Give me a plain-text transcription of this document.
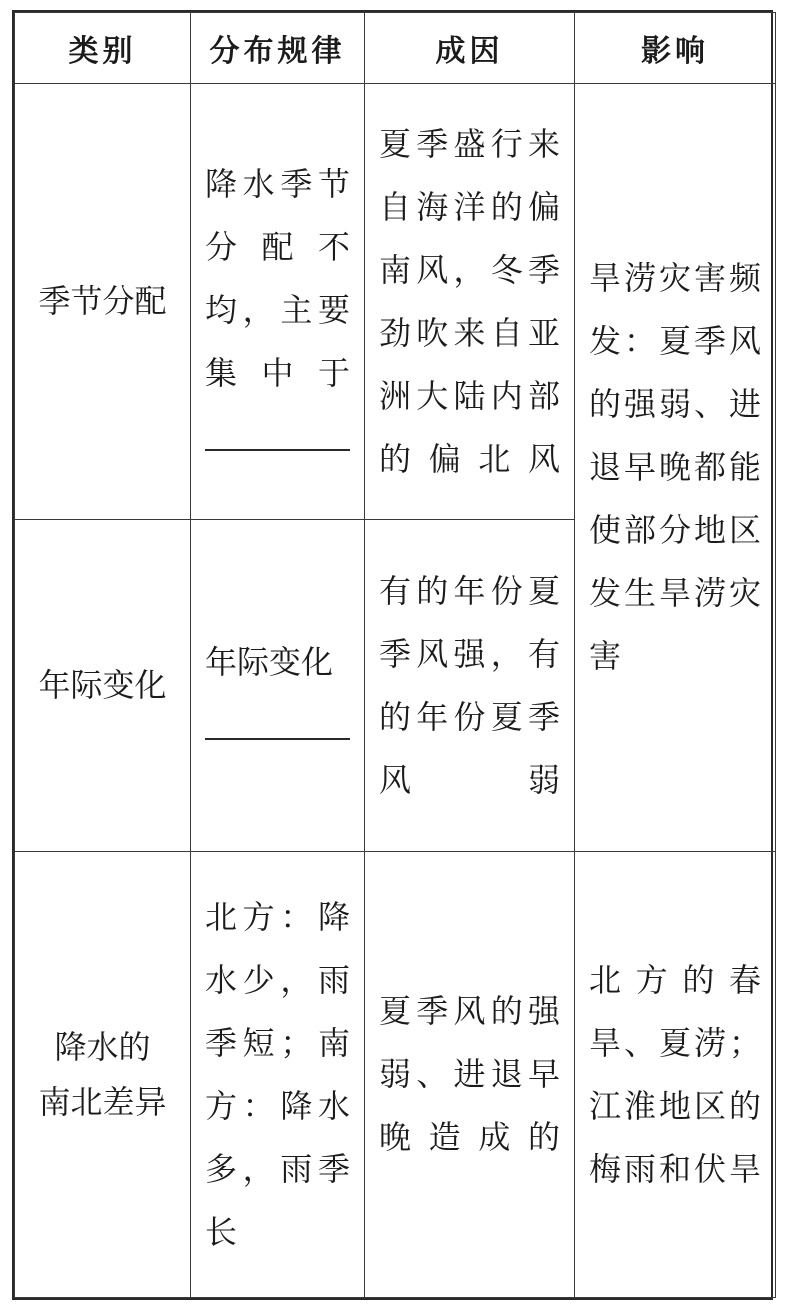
类别	分布规律	成因	影响
季节分配	降水季节分配不均，主要集中于	夏季盛行来自海洋的偏南风，冬季劲吹来自亚洲大陆内部的偏北风	旱涝灾害频发：夏季风的强弱、进退早晚都能使部分地区发生旱涝灾害
年际变化	年际变化	有的年份夏季风强，有的年份夏季风弱	

降水的
南北差异	北方：降水少，雨季短；南方：降水多，雨季长	夏季风的强弱、进退早晚造成的	北方的春旱、夏涝；江淮地区的梅雨和伏旱
